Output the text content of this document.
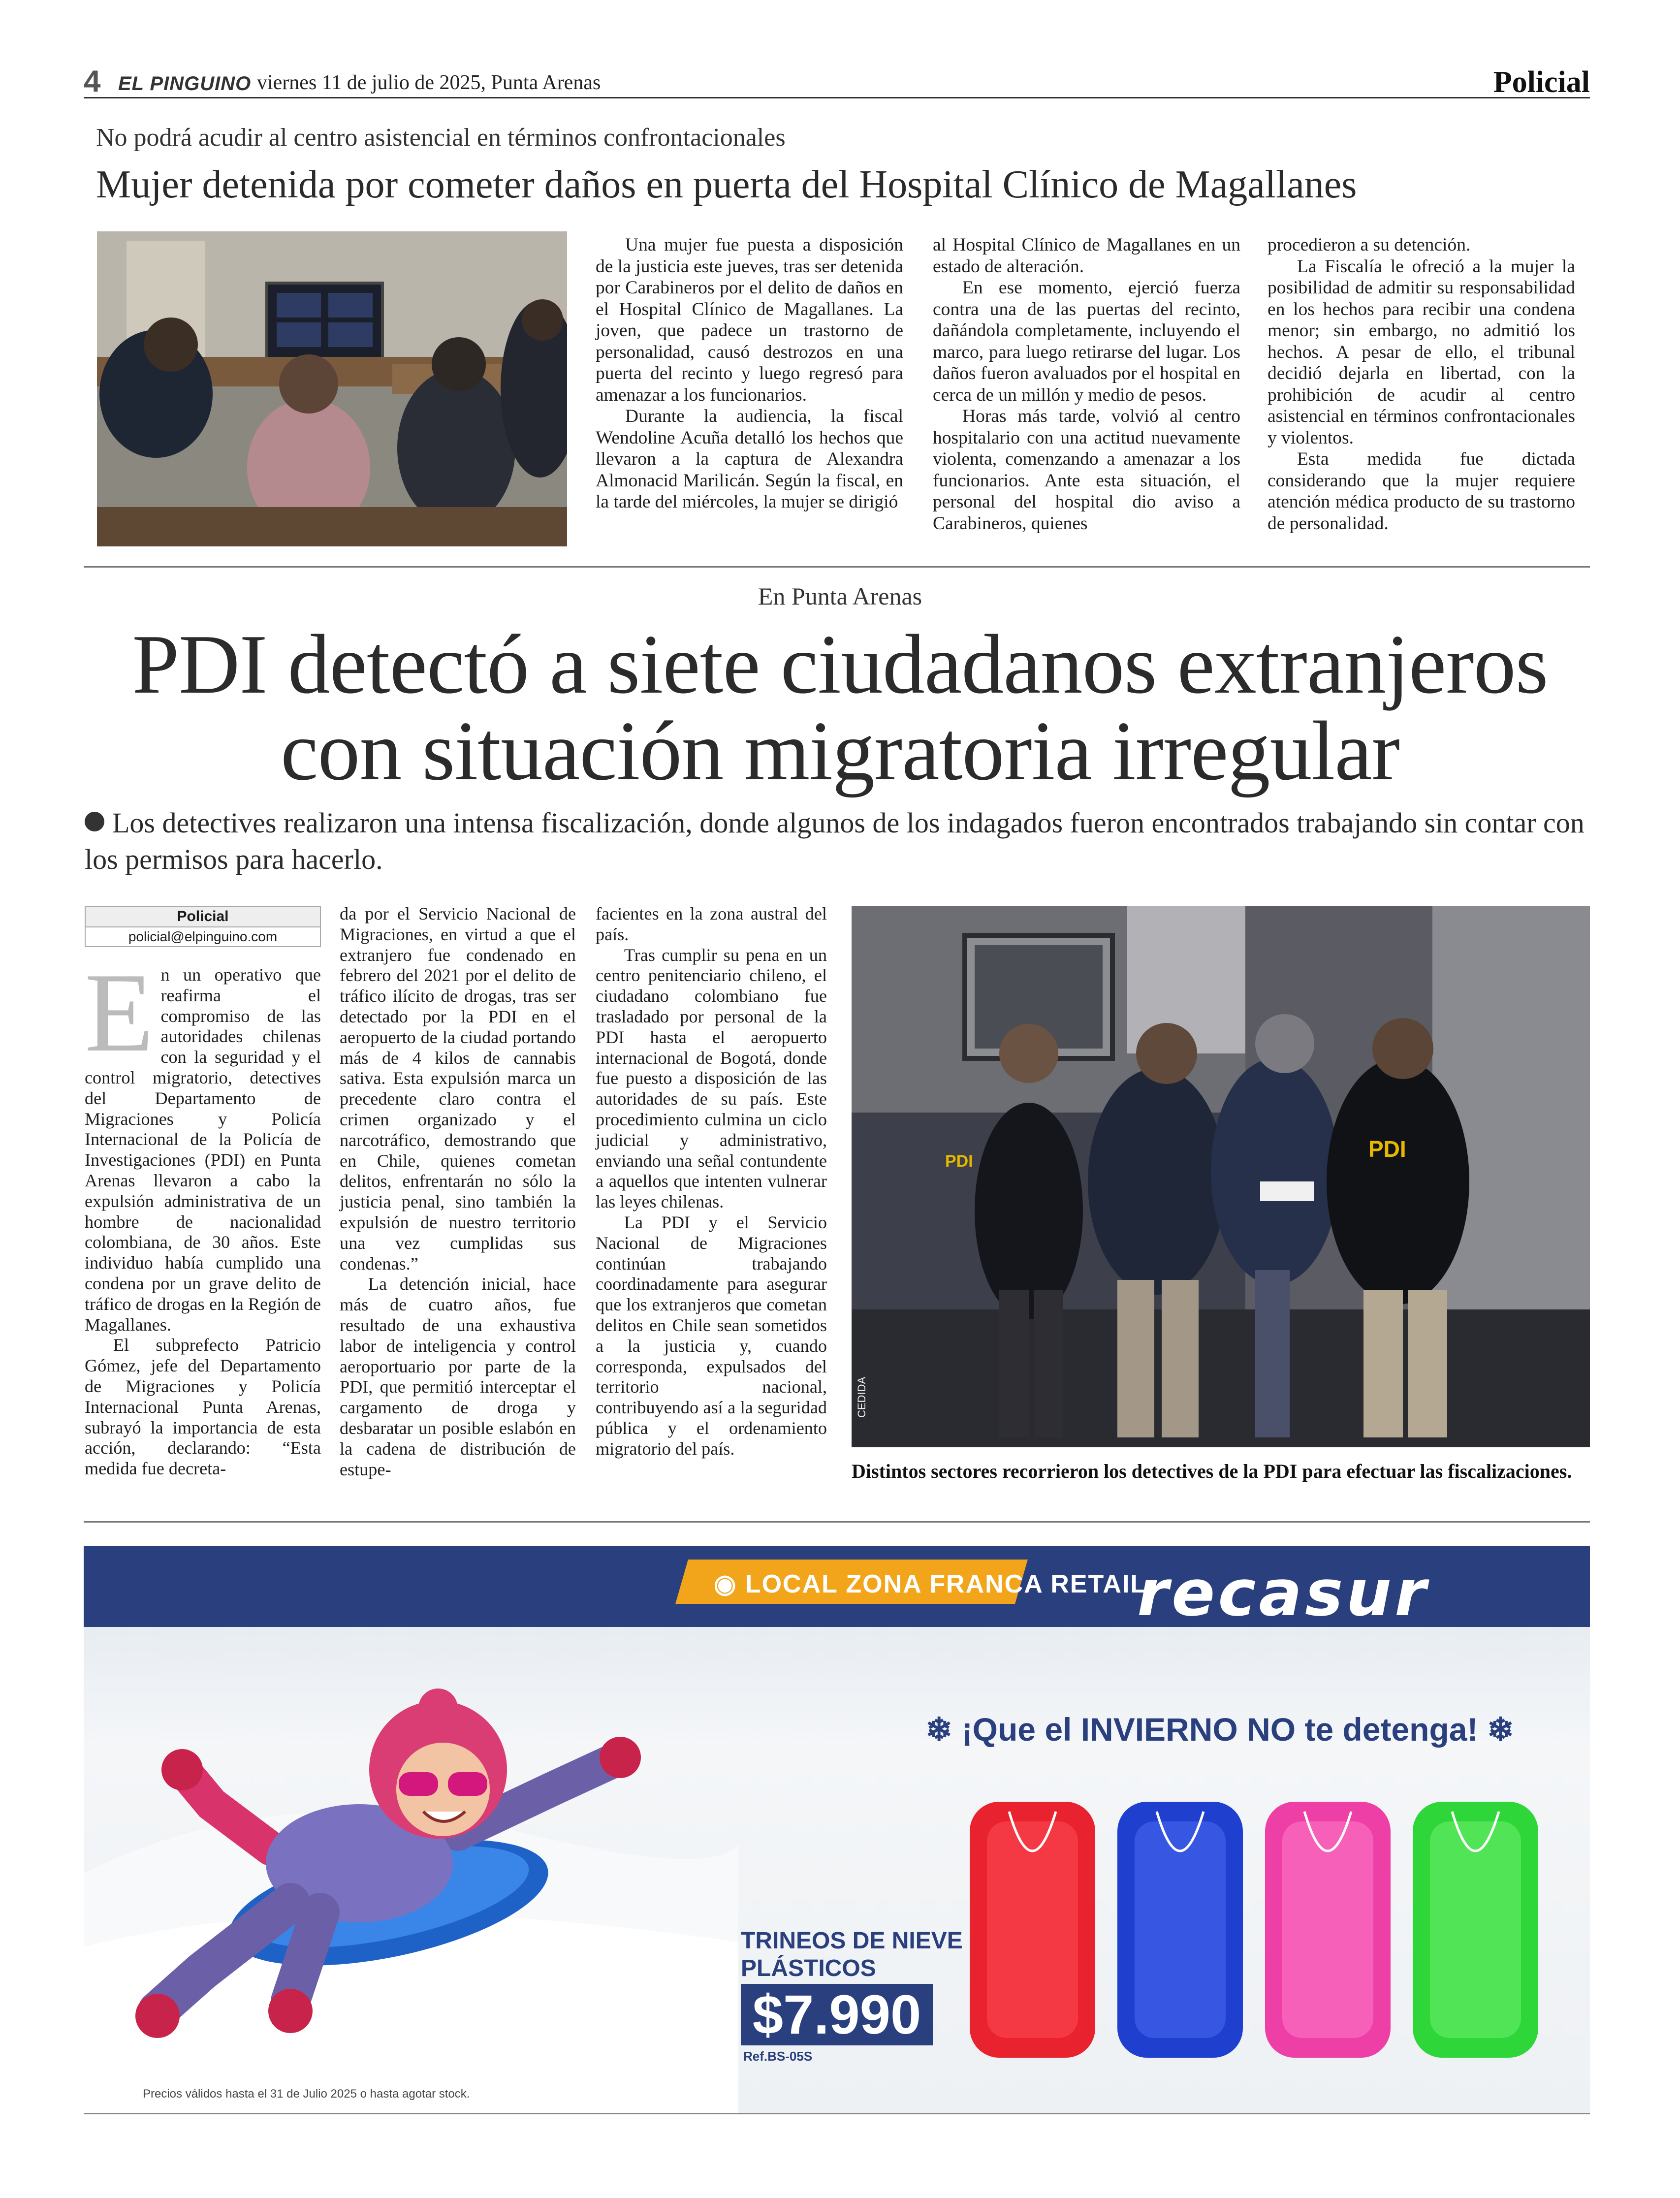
4 EL PINGUINO viernes 11 de julio de 2025, Punta Arenas	Policial
No podrá acudir al centro asistencial en términos confrontacionales
Mujer detenida por cometer daños en puerta del Hospital Clínico de Magallanes

Una mujer fue puesta a disposición de la justicia este jueves, tras ser detenida por Carabineros por el delito de daños en el Hospital Clínico de Magallanes. La joven, que padece un trastorno de personalidad, causó destrozos en una puerta del recinto y luego regresó para amenazar a los funcionarios.

Durante la audiencia, la fiscal Wendoline Acuña detalló los hechos que llevaron a la captura de Alexandra Almonacid Marilicán. Según la fiscal, en la tarde del miércoles, la mujer se dirigió

al Hospital Clínico de Magallanes en un estado de alteración.

En ese momento, ejerció fuerza contra una de las puertas del recinto, dañándola completamente, incluyendo el marco, para luego retirarse del lugar. Los daños fueron avaluados por el hospital en cerca de un millón y medio de pesos.

Horas más tarde, volvió al centro hospitalario con una actitud nuevamente violenta, comenzando a amenazar a los funcionarios. Ante esta situación, el personal del hospital dio aviso a Carabineros, quienes

procedieron a su detención.

La Fiscalía le ofreció a la mujer la posibilidad de admitir su responsabilidad en los hechos para recibir una condena menor; sin embargo, no admitió los hechos. A pesar de ello, el tribunal decidió dejarla en libertad, con la prohibición de acudir al centro asistencial en términos confrontacionales y violentos.

Esta medida fue dictada considerando que la mujer requiere atención médica producto de su trastorno de personalidad.

En Punta Arenas
PDI detectó a siete ciudadanos extranjeros
con situación migratoria irregular
Los detectives realizaron una intensa fiscalización, donde algunos de los indagados fueron encontrados trabajando sin contar con los permisos para hacerlo.
Policial
policial@elpinguino.com

En un operativo que reafirma el compromiso de las autoridades chilenas con la seguridad y el control migratorio, detectives del Departamento de Migraciones y Policía Internacional de la Policía de Investigaciones (PDI) en Punta Arenas llevaron a cabo la expulsión administrativa de un hombre de nacionalidad colombiana, de 30 años. Este individuo había cumplido una condena por un grave delito de tráfico de drogas en la Región de Magallanes.

El subprefecto Patricio Gómez, jefe del Departamento de Migraciones y Policía Internacional Punta Arenas, subrayó la importancia de esta acción, declarando: “Esta medida fue decreta-

da por el Servicio Nacional de Migraciones, en virtud a que el extranjero fue condenado en febrero del 2021 por el delito de tráfico ilícito de drogas, tras ser detectado por la PDI en el aeropuerto de la ciudad portando más de 4 kilos de cannabis sativa. Esta expulsión marca un precedente claro contra el crimen organizado y el narcotráfico, demostrando que en Chile, quienes cometan delitos, enfrentarán no sólo la justicia penal, sino también la expulsión de nuestro territorio una vez cumplidas sus condenas.”

La detención inicial, hace más de cuatro años, fue resultado de una exhaustiva labor de inteligencia y control aeroportuario por parte de la PDI, que permitió interceptar el cargamento de droga y desbaratar un posible eslabón en la cadena de distribución de estupe-

facientes en la zona austral del país.

Tras cumplir su pena en un centro penitenciario chileno, el ciudadano colombiano fue trasladado por personal de la PDI hasta el aeropuerto internacional de Bogotá, donde fue puesto a disposición de las autoridades de su país. Este procedimiento culmina un ciclo judicial y administrativo, enviando una señal contundente a aquellos que intenten vulnerar las leyes chilenas.

La PDI y el Servicio Nacional de Migraciones continúan trabajando coordinadamente para asegurar que los extranjeros que cometan delitos en Chile sean sometidos a la justicia y, cuando corresponda, expulsados del territorio nacional, contribuyendo así a la seguridad pública y el ordenamiento migratorio del país.

PDI	PDI
CEDIDA
Distintos sectores recorrieron los detectives de la PDI para efectuar las fiscalizaciones.
◉ LOCAL ZONA FRANCA RETAIL
recasur
❄ ¡Que el INVIERNO NO te detenga! ❄
TRINEOS DE NIEVE
PLÁSTICOS
$7.990
Ref.BS-05S
Precios válidos hasta el 31 de Julio 2025 o hasta agotar stock.
